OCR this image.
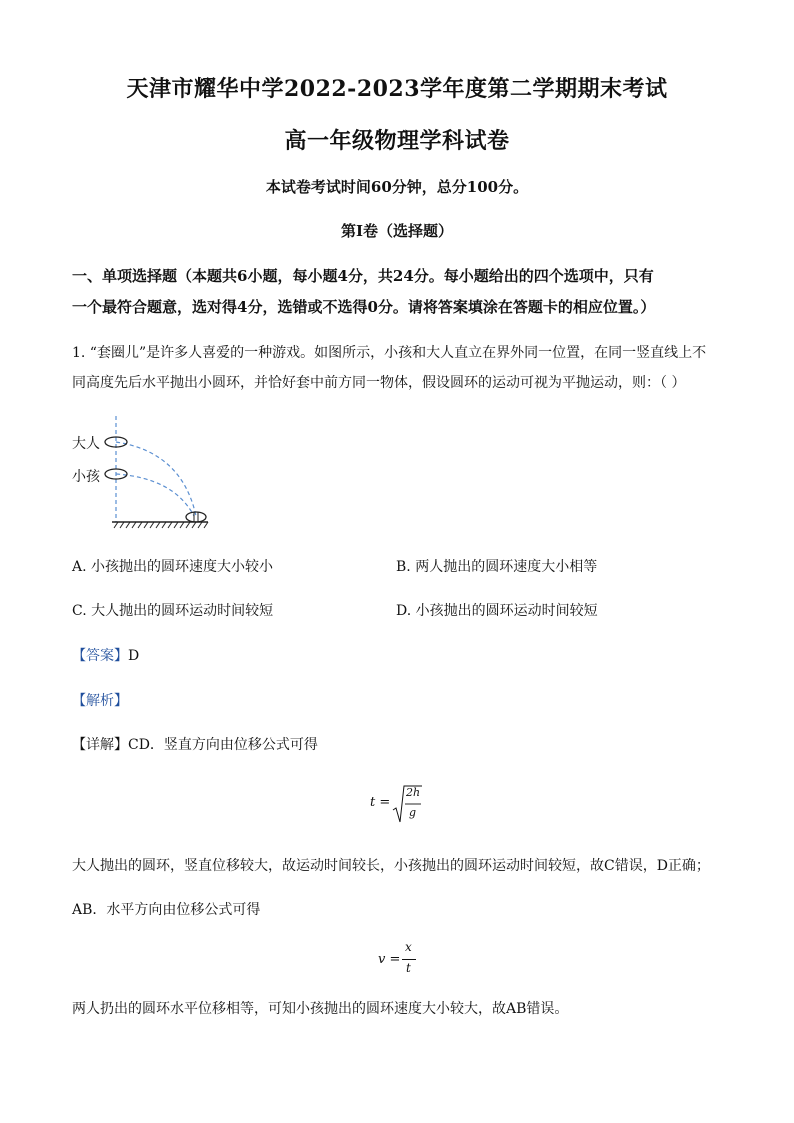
天津市耀华中学2022-2023学年度第二学期期末考试
高一年级物理学科试卷
本试卷考试时间60分钟，总分100分。
第Ⅰ卷（选择题）
一、单项选择题（本题共6小题，每小题4分，共24分。每小题给出的四个选项中，只有
一个最符合题意，选对得4分，选错或不选得0分。请将答案填涂在答题卡的相应位置。）
1. “套圈儿”是许多人喜爱的一种游戏。如图所示，小孩和大人直立在界外同一位置，在同一竖直线上不
同高度先后水平抛出小圆环，并恰好套中前方同一物体，假设圆环的运动可视为平抛运动，则：（ ）
大人
小孩
A. 小孩抛出的圆环速度大小较小	B. 两人抛出的圆环速度大小相等
C. 大人抛出的圆环运动时间较短	D. 小孩抛出的圆环运动时间较短
【答案】D
【解析】
【详解】CD．竖直方向由位移公式可得
t =
2h
g
大人抛出的圆环，竖直位移较大，故运动时间较长，小孩抛出的圆环运动时间较短，故C错误，D正确；
AB．水平方向由位移公式可得
v =
x
t
两人扔出的圆环水平位移相等，可知小孩抛出的圆环速度大小较大，故AB错误。
